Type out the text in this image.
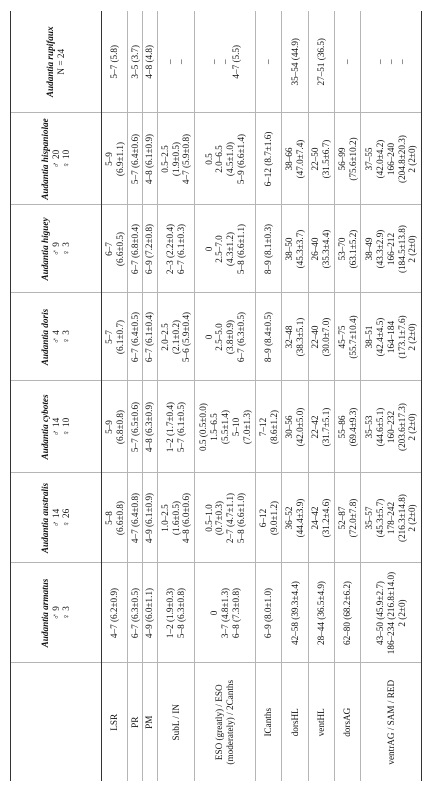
	Audantia armatus ♂ 9 ♀ 3	Audantia australis ♂ 14 ♀ 26	Audantia cybotes ♂ 14 ♀ 10	Audantia doris ♂ 4 ♀ 3	Audantia higuey ♂ 9 ♀ 3	Audantia hispaniolae ♂ 20 ♀ 10	Audantia rupifaux N = 24

LSR	4–7 (6.2±0.9)	5–8 (6.6±0.8)	5–9 (6.8±0.8)	5–7 (6.1±0.7)	6–7 (6.6±0.5)	5–9 (6.9±1.1)	5–7 (5.8)

PR	6–7 (6.3±0.5)	4–7 (6.4±0.8)	5–7 (6.5±0.6)	6–7 (6.4±0.5)	6–7 (6.8±0.4)	5–7 (6.4±0.6)	3–5 (3.7)

PM	4–9 (6.0±1.1)	4–9 (6.1±0.9)	4–8 (6.3±0.9)	6–7 (6.1±0.4)	6–9 (7.2±0.8)	4–8 (6.1±0.9)	4–8 (4.8)

SubL / IN	1–2 (1.9±0.3) 5–8 (6.3±0.8)	1.0–2.5 (1.6±0.5) 4–8 (6.0±0.6)	1–2 (1.7±0.4) 5–7 (6.1±0.5)	2.0–2.5 (2.1±0.2) 5–6 (5.9±0.4)	2–3 (2.2±0.4) 6–7 (6.1±0.3)	0.5–2.5 (1.9±0.5) 4–7 (5.9±0.8)	– –

ESO (greatly) / ESO (moderately) / 2Canths	0 3–7 (4.8±1.3) 6–8 (7.3±0.8)	0.5–1.0 (0.7±0.3) 2–7 (4.7±1.1) 5–8 (6.6±1.0)	0.5 (0.5±0.0) 1.5–6.5 (5.5±1.4) 5–10 (7.0±1.3)	0 2.5–5.0 (3.8±0.9) 6–7 (6.3±0.5)	0 2.5–7.0 (4.3±1.2) 5–8 (6.6±1.1)	0.5 2.0–6.5 (4.5±1.0) 5–9 (6.6±1.4)	– – 4–7 (5.5)

ICanths	6–9 (8.0±1.0)	6–12 (9.0±1.2)	7–12 (8.6±1.2)	8–9 (8.4±0.5)	8–9 (8.1±0.3)	6–12 (8.7±1.6)	–

dorsHL	42–58 (39.3±4.4)	36–52 (44.4±3.9)	30–56 (42.0±5.0)	32–48 (38.3±5.1)	38–50 (45.3±3.7)	38–66 (47.0±7.4)	35–54 (44.9)

ventHL	28–44 (36.5±4.9)	24–42 (31.2±4.6)	22–42 (31.7±5.1)	22–40 (30.0±7.0)	26–40 (35.3±4.4)	22–50 (31.5±6.7)	27–51 (36.5)

dorsAG	62–80 (68.2±6.2)	52–87 (72.0±7.8)	55–86 (69.4±9.3)	45–75 (55.7±10.4)	53–70 (63.1±5.2)	56–99 (75.6±10.2)	–

ventrAG / SAM / RED	43–50 (45.9±2.7) 186–234 (216.8±14.0) 2 (2±0)	35–57 (45.3±5.7) 178–242 (216.3±14.8) 2 (2±0)	35–53 (44.6±5.1) 160–232 (203.6±17.3) 2 (2±0)	38–51 (42.4±4.5) 164–184 (173.1±7.6) 2 (2±0)	38–49 (43.3±2.9) 166–212 (184.5±13.8) 2 (2±0)	37–55 (42.0±4.2) 166–240 (204.8±20.3) 2 (2±0)	– – –
